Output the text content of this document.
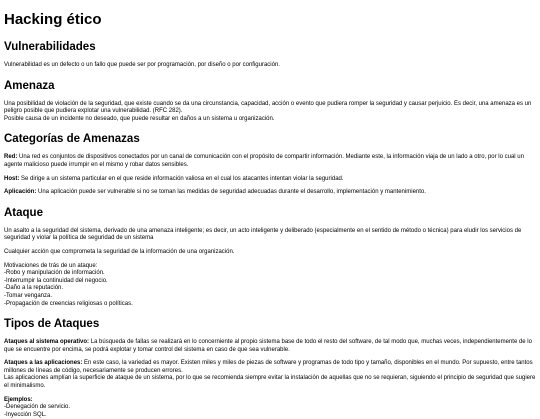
Hacking ético
Vulnerabilidades

Vulnerabilidad es un defecto o un fallo que puede ser por programación, por diseño o por configuración.

Amenaza

Una posibilidad de violación de la seguridad, que existe cuando se da una circunstancia, capacidad, acción o evento que pudiera romper la seguridad y causar perjuicio. Es decir, una amenaza es un peligro posible que pudiera explotar una vulnerabilidad. (RFC 282).
Posible causa de un incidente no deseado, que puede resultar en daños a un sistema u organización.

Categorías de Amenazas

Red: Una red es conjuntos de dispositivos conectados por un canal de comunicación con el propósito de compartir información. Mediante este, la información viaja de un lado a otro, por lo cual un agente malicioso puede irrumpir en el mismo y robar datos sensibles.

Host: Se dirige a un sistema particular en el que reside información valiosa en el cual los atacantes intentan violar la seguridad.

Aplicación: Una aplicación puede ser vulnerable si no se toman las medidas de seguridad adecuadas durante el desarrollo, implementación y mantenimiento.

Ataque

Un asalto a la seguridad del sistema, derivado de una amenaza inteligente; es decir, un acto inteligente y deliberado (especialmente en el sentido de método o técnica) para eludir los servicios de seguridad y violar la política de seguridad de un sistema

Cualquier acción que comprometa la seguridad de la información de una organización.

Motivaciones de trás de un ataque:
-Robo y manipulación de información.
-Interrumpir la continuidad del negocio.
-Daño a la reputación.
-Tomar venganza.
-Propagación de creencias religiosas o políticas.
Tipos de Ataques

Ataques al sistema operativo: La búsqueda de fallas se realizará en lo concerniente al propio sistema base de todo el resto del software, de tal modo que, muchas veces, independientemente de lo que se encuentre por encima, se podrá explotar y tomar control del sistema en caso de que sea vulnerable.

Ataques a las aplicaciones: En este caso, la variedad es mayor. Existen miles y miles de piezas de software y programas de todo tipo y tamaño, disponibles en el mundo. Por supuesto, entre tantos millones de líneas de código, necesariamente se producen errores.
Las aplicaciones amplían la superficie de ataque de un sistema, por lo que se recomienda siempre evitar la instalación de aquellas que no se requieran, siguiendo el principio de seguridad que sugiere el minimalismo.

Ejemplos:
-Denegación de servicio.
-Inyección SQL.
